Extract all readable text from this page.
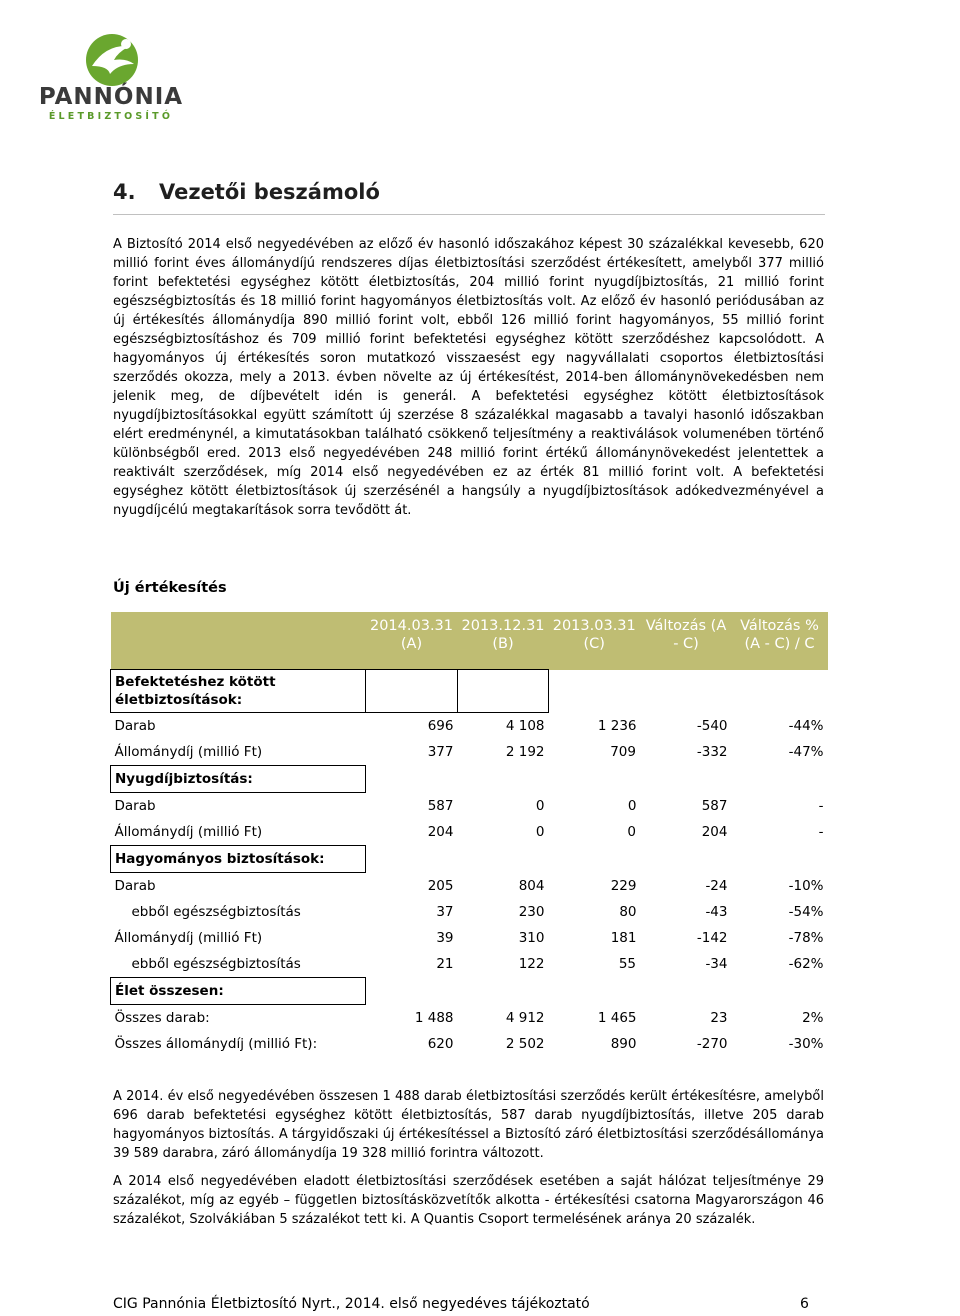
PANNÓNIA
ÉLETBIZTOSÍTÓ
4. Vezetői beszámoló

A Biztosító 2014 első negyedévében az előző év hasonló időszakához képest 30 százalékkal kevesebb, 620 millió forint éves állománydíjú rendszeres díjas életbiztosítási szerződést értékesített, amelyből 377 millió forint befektetési egységhez kötött életbiztosítás, 204 millió forint nyugdíjbiztosítás, 21 millió forint egészségbiztosítás és 18 millió forint hagyományos életbiztosítás volt. Az előző év hasonló periódusában az új értékesítés állománydíja 890 millió forint volt, ebből 126 millió forint hagyományos, 55 millió forint egészségbiztosításhoz és 709 millió forint befektetési egységhez kötött szerződéshez kapcsolódott. A hagyományos új értékesítés soron mutatkozó visszaesést egy nagyvállalati csoportos életbiztosítási szerződés okozza, mely a 2013. évben növelte az új értékesítést, 2014-ben állománynövekedésben nem jelenik meg, de díjbevételt idén is generál. A befektetési egységhez kötött életbiztosítások nyugdíjbiztosításokkal együtt számított új szerzése 8 százalékkal magasabb a tavalyi hasonló időszakban elért eredménynél, a kimutatásokban található csökkenő teljesítmény a reaktiválások volumenében történő különbségből ered. 2013 első negyedévében 248 millió forint értékű állománynövekedést jelentettek a reaktivált szerződések, míg 2014 első negyedévében ez az érték 81 millió forint volt. A befektetési egységhez kötött életbiztosítások új szerzésénél a hangsúly a nyugdíjbiztosítások adókedvezményével a nyugdíjcélú megtakarítások sorra tevődött át.

Új értékesítés
	2014.03.31 (A)	2013.12.31 (B)	2013.03.31 (C)	Változás (A - C)	Változás % (A - C) / C
Befektetéshez kötött életbiztosítások:					
Darab	696	4 108	1 236	-540	-44%
Állománydíj (millió Ft)	377	2 192	709	-332	-47%
Nyugdíjbiztosítás:					
Darab	587	0	0	587	-
Állománydíj (millió Ft)	204	0	0	204	-
Hagyományos biztosítások:					
Darab	205	804	229	-24	-10%
ebből egészségbiztosítás	37	230	80	-43	-54%
Állománydíj (millió Ft)	39	310	181	-142	-78%
ebből egészségbiztosítás	21	122	55	-34	-62%
Élet összesen:					
Összes darab:	1 488	4 912	1 465	23	2%
Összes állománydíj (millió Ft):	620	2 502	890	-270	-30%

A 2014. év első negyedévében összesen 1 488 darab életbiztosítási szerződés került értékesítésre, amelyből 696 darab befektetési egységhez kötött életbiztosítás, 587 darab nyugdíjbiztosítás, illetve 205 darab hagyományos biztosítás. A tárgyidőszaki új értékesítéssel a Biztosító záró életbiztosítási szerződésállománya 39 589 darabra, záró állománydíja 19 328 millió forintra változott.

A 2014 első negyedévében eladott életbiztosítási szerződések esetében a saját hálózat teljesítménye 29 százalékot, míg az egyéb – független biztosításközvetítők alkotta - értékesítési csatorna Magyarországon 46 százalékot, Szolvákiában 5 százalékot tett ki. A Quantis Csoport termelésének aránya 20 százalék.

CIG Pannónia Életbiztosító Nyrt., 2014. első negyedéves tájékoztató	6
